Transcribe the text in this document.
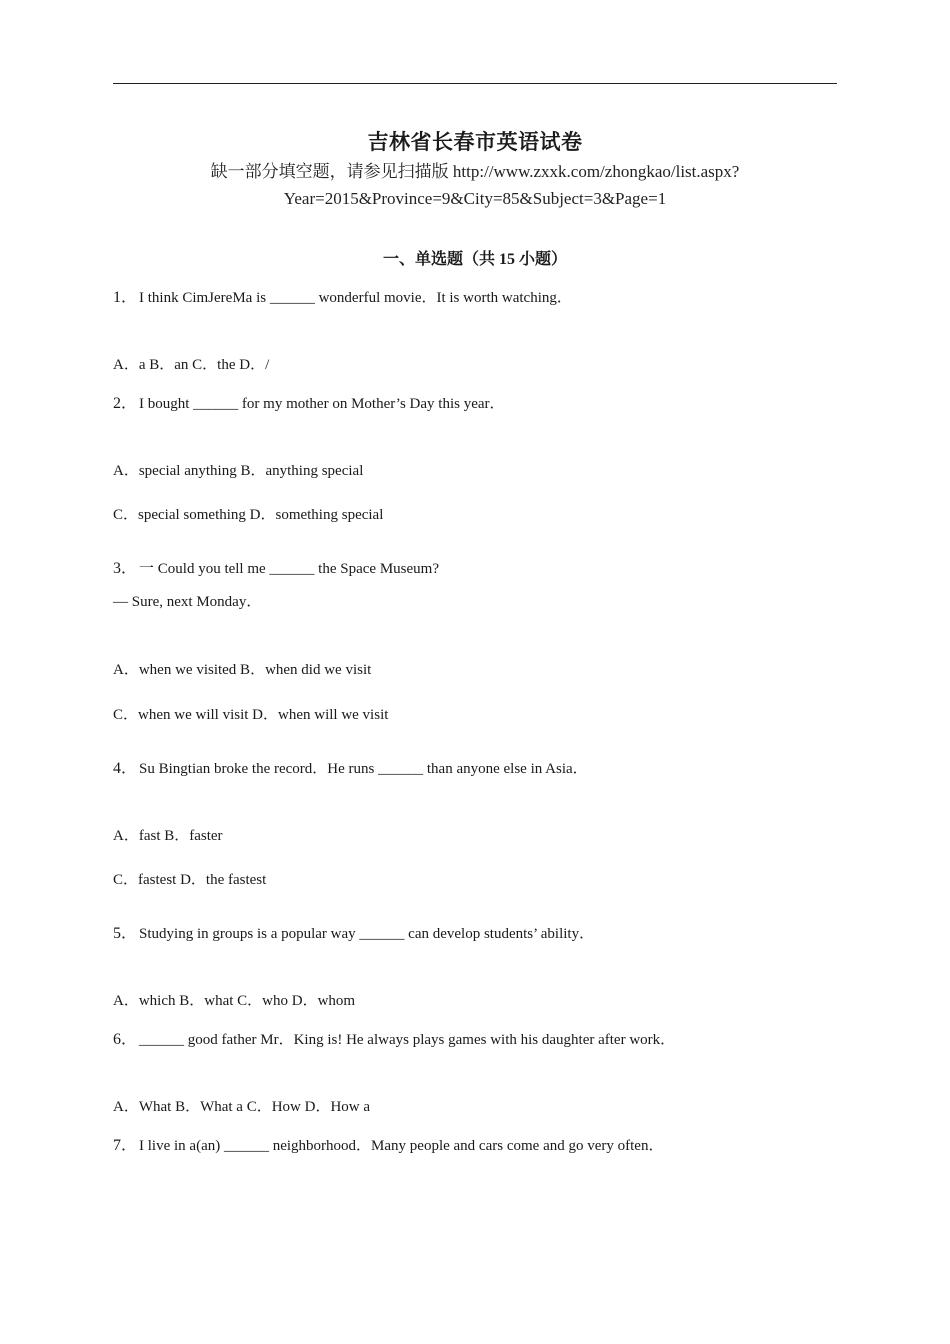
吉林省长春市英语试卷
缺一部分填空题，请参见扫描版 http://www.zxxk.com/zhongkao/list.aspx?Year=2015&Province=9&City=85&Subject=3&Page=1
一、单选题（共 15 小题）
1． I think CimJereMa is ______ wonderful movie．It is worth watching．
A．a B．an C．the D．/
2． I bought ______ for my mother on Mother’s Day this year．
A．special anything B．anything special
C．special something D．something special
3． 一 Could you tell me ______ the Space Museum?
— Sure, next Monday．
A．when we visited B．when did we visit
C．when we will visit D．when will we visit
4． Su Bingtian broke the record．He runs ______ than anyone else in Asia．
A．fast B．faster
C．fastest D．the fastest
5． Studying in groups is a popular way ______ can develop students’ ability．
A．which B．what C．who D．whom
6． ______ good father Mr．King is! He always plays games with his daughter after work．
A．What B．What a C．How D．How a
7． I live in a(an) ______ neighborhood．Many people and cars come and go very often．
